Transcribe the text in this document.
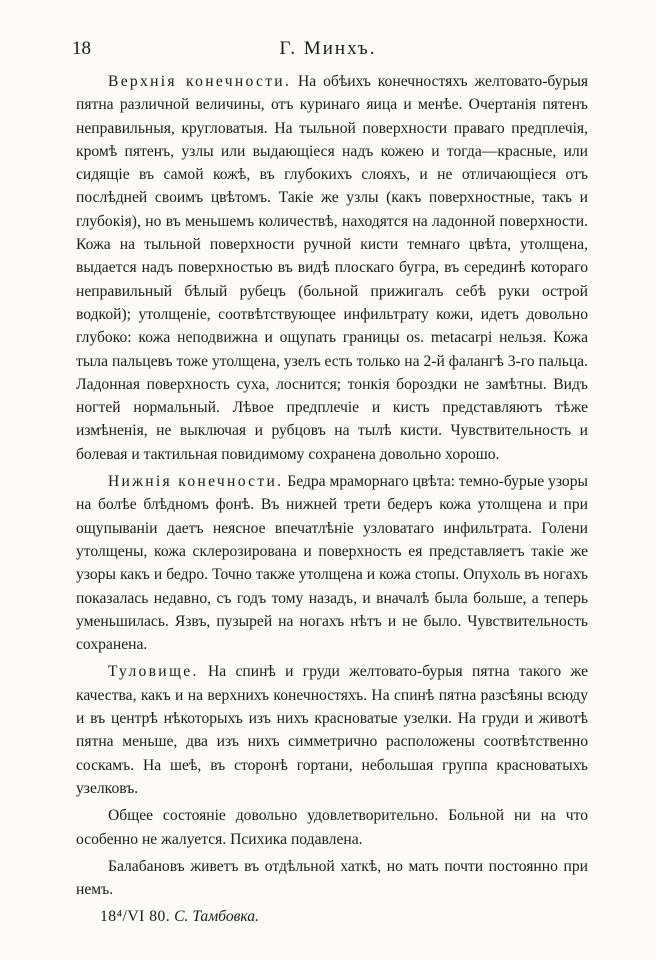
18	Г. Минхъ.

Верхнія конечности. На обѣихъ конечностяхъ желтовато-бурыя пятна различной величины, отъ куринаго яица и менѣе. Очертанія пятенъ неправильныя, кругловатыя. На тыльной поверхности праваго предплечія, кромѣ пятенъ, узлы или выдающіеся надъ кожею и тогда—красные, или сидящіе въ самой кожѣ, въ глубокихъ слояхъ, и не отличающіеся отъ послѣдней своимъ цвѣтомъ. Такіе же узлы (какъ поверхностные, такъ и глубокія), но въ меньшемъ количествѣ, находятся на ладонной поверхности. Кожа на тыльной поверхности ручной кисти темнаго цвѣта, утолщена, выдается надъ поверхностью въ видѣ плоскаго бугра, въ серединѣ котораго неправильный бѣлый рубецъ (больной прижигалъ себѣ руки острой водкой); утолщеніе, соотвѣтствующее инфильтрату кожи, идетъ довольно глубоко: кожа неподвижна и ощупать границы os. metacarpi нельзя. Кожа тыла пальцевъ тоже утолщена, узелъ есть только на 2-й фалангѣ 3-го пальца. Ладонная поверхность суха, лоснится; тонкія бороздки не замѣтны. Видъ ногтей нормальный. Лѣвое предплечіе и кисть представляютъ тѣже измѣненія, не выключая и рубцовъ на тылѣ кисти. Чувствительность и болевая и тактильная повидимому сохранена довольно хорошо.

Нижнія конечности. Бедра мраморнаго цвѣта: темно-бурые узоры на болѣе блѣдномъ фонѣ. Въ нижней трети бедеръ кожа утолщена и при ощупываніи даетъ неясное впечатлѣніе узловатаго инфильтрата. Голени утолщены, кожа склерозирована и поверхность ея представляетъ такіе же узоры какъ и бедро. Точно также утолщена и кожа стопы. Опухоль въ ногахъ показалась недавно, съ годъ тому назадъ, и вначалѣ была больше, а теперь уменьшилась. Язвъ, пузырей на ногахъ нѣтъ и не было. Чувствительность сохранена.

Туловище. На спинѣ и груди желтовато-бурыя пятна такого же качества, какъ и на верхнихъ конечностяхъ. На спинѣ пятна разсѣяны всюду и въ центрѣ нѣкоторыхъ изъ нихъ красноватые узелки. На груди и животѣ пятна меньше, два изъ нихъ симметрично расположены соотвѣтственно соскамъ. На шеѣ, въ сторонѣ гортани, небольшая группа красноватыхъ узелковъ.

Общее состояніе довольно удовлетворительно. Больной ни на что особенно не жалуется. Психика подавлена.

Балабановъ живетъ въ отдѣльной хаткѣ, но мать почти постоянно при немъ.

18⁴/VI 80. С. Тамбовка.
